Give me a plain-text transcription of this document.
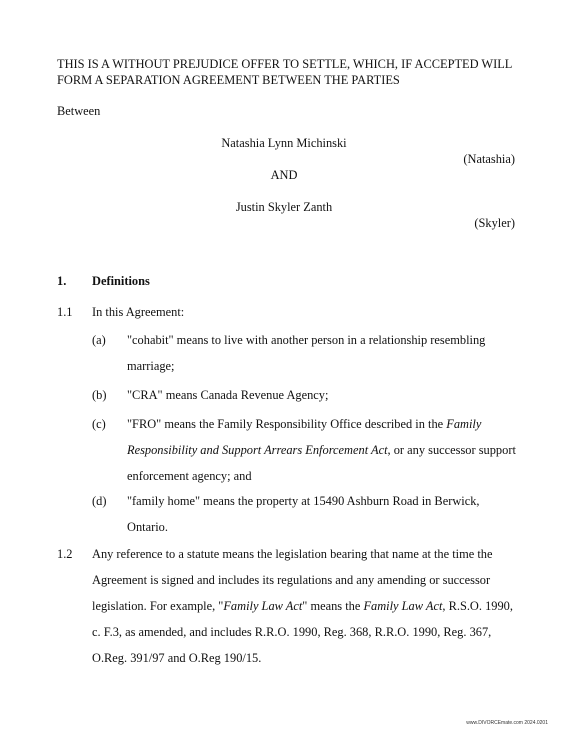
THIS IS A WITHOUT PREJUDICE OFFER TO SETTLE, WHICH, IF ACCEPTED WILL
FORM A SEPARATION AGREEMENT BETWEEN THE PARTIES
Between
Natashia Lynn Michinski
(Natashia)
AND
Justin Skyler Zanth
(Skyler)
1. Definitions
1.1 In this Agreement:
(a) "cohabit" means to live with another person in a relationship resembling
marriage;
(b) "CRA" means Canada Revenue Agency;
(c) "FRO" means the Family Responsibility Office described in the Family
Responsibility and Support Arrears Enforcement Act, or any successor support
enforcement agency; and
(d) "family home" means the property at 15490 Ashburn Road in Berwick,
Ontario.
1.2 Any reference to a statute means the legislation bearing that name at the time the
Agreement is signed and includes its regulations and any amending or successor
legislation. For example, "Family Law Act" means the Family Law Act, R.S.O. 1990,
c. F.3, as amended, and includes R.R.O. 1990, Reg. 368, R.R.O. 1990, Reg. 367,
O.Reg. 391/97 and O.Reg 190/15.
www.DIVORCEmate.com 2024.0201
